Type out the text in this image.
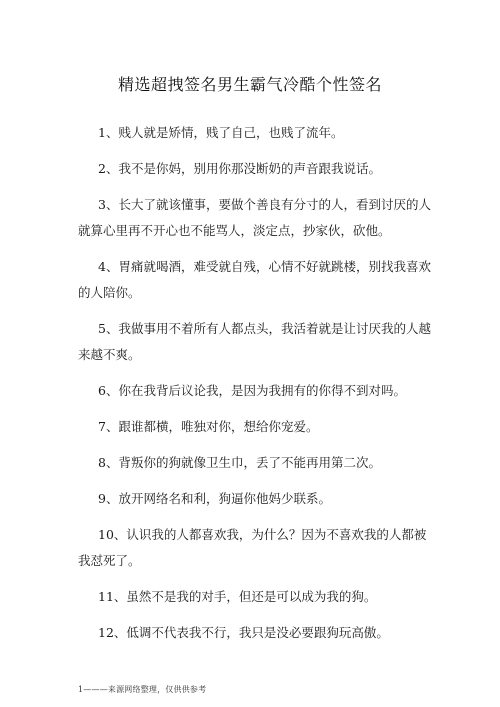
精选超拽签名男生霸气冷酷个性签名
1、贱人就是矫情，贱了自己，也贱了流年。
2、我不是你妈，别用你那没断奶的声音跟我说话。
3、长大了就该懂事，要做个善良有分寸的人，看到讨厌的人就算心里再不开心也不能骂人，淡定点，抄家伙，砍他。
4、胃痛就喝酒，难受就自残，心情不好就跳楼，别找我喜欢的人陪你。
5、我做事用不着所有人都点头，我活着就是让讨厌我的人越来越不爽。
6、你在我背后议论我，是因为我拥有的你得不到对吗。
7、跟谁都横，唯独对你，想给你宠爱。
8、背叛你的狗就像卫生巾，丢了不能再用第二次。
9、放开网络名和利，狗逼你他妈少联系。
10、认识我的人都喜欢我，为什么？因为不喜欢我的人都被我怼死了。
11、虽然不是我的对手，但还是可以成为我的狗。
12、低调不代表我不行，我只是没必要跟狗玩高傲。
1———来源网络整理，仅供供参考
